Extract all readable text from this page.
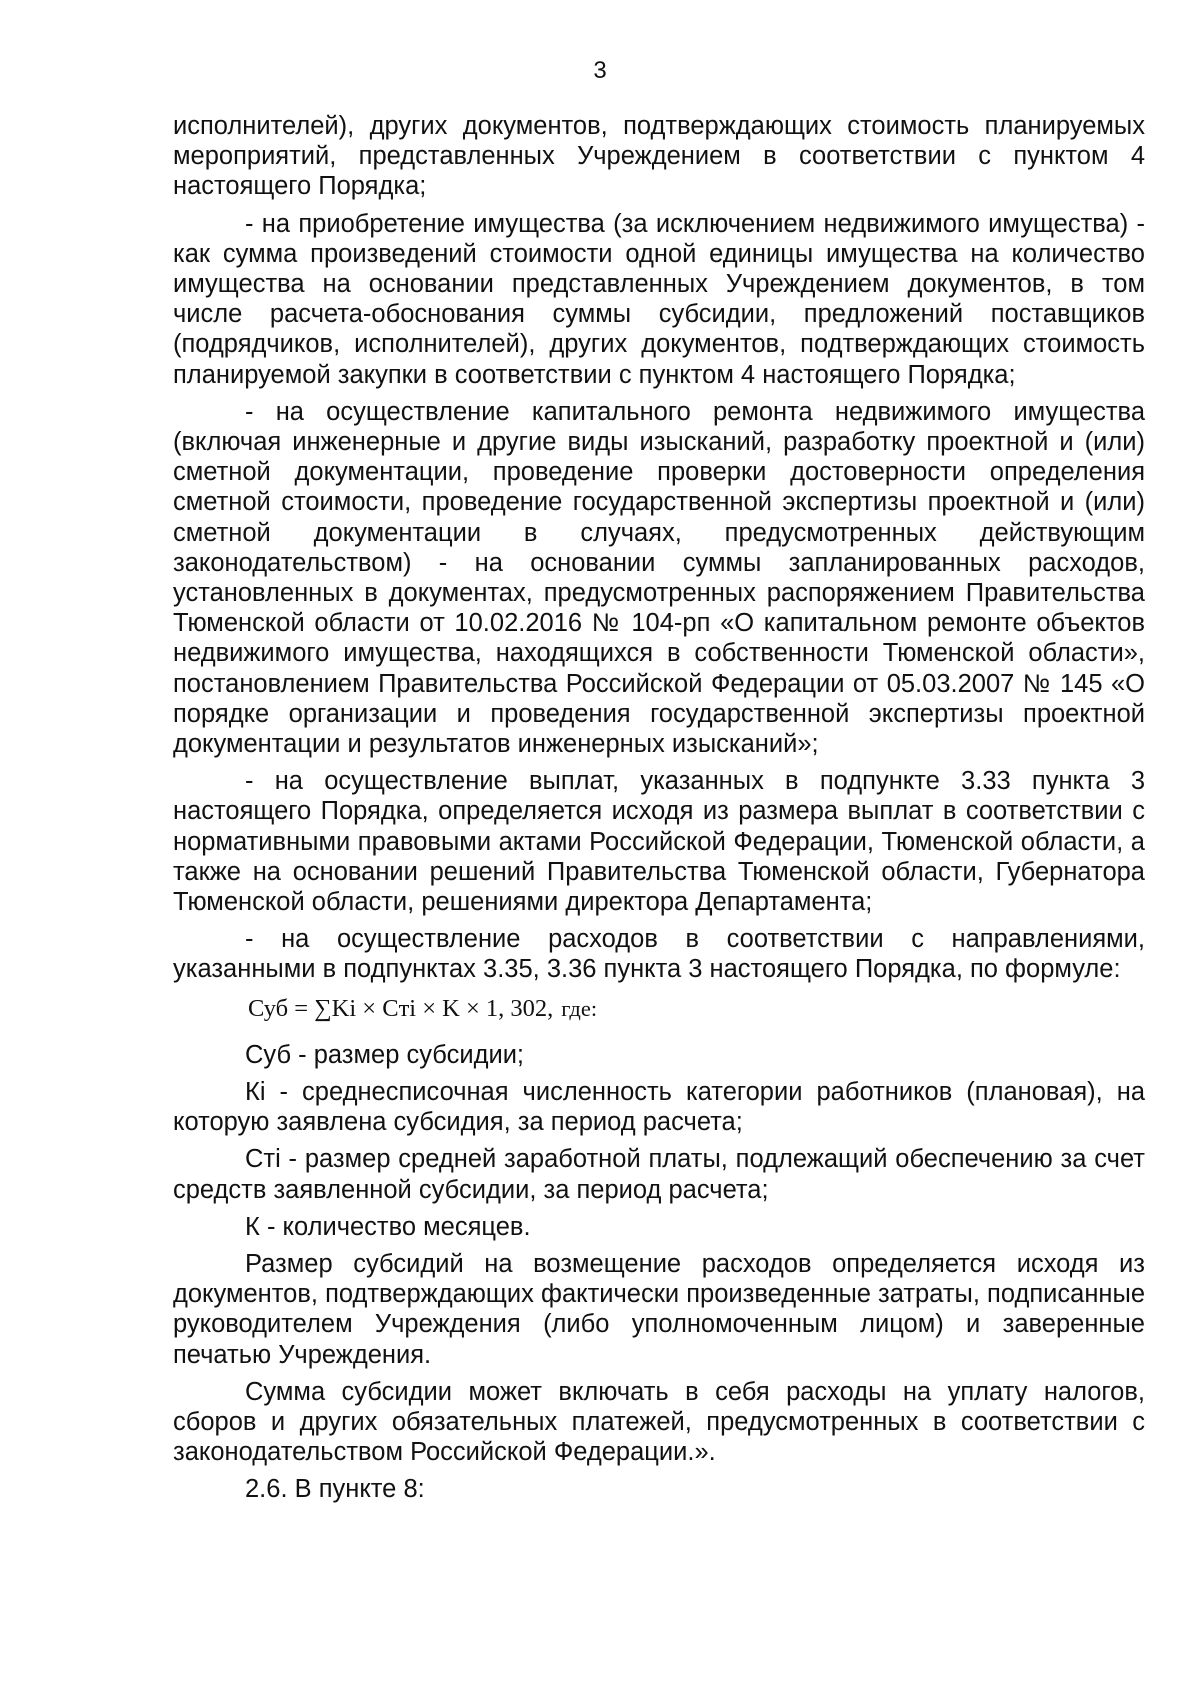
3

исполнителей), других документов, подтверждающих стоимость планируемых мероприятий, представленных Учреждением в соответствии с пунктом 4 настоящего Порядка;

- на приобретение имущества (за исключением недвижимого имущества) - как сумма произведений стоимости одной единицы имущества на количество имущества на основании представленных Учреждением документов, в том числе расчета-обоснования суммы субсидии, предложений поставщиков (подрядчиков, исполнителей), других документов, подтверждающих стоимость планируемой закупки в соответствии с пунктом 4 настоящего Порядка;

- на осуществление капитального ремонта недвижимого имущества (включая инженерные и другие виды изысканий, разработку проектной и (или) сметной документации, проведение проверки достоверности определения сметной стоимости, проведение государственной экспертизы проектной и (или) сметной документации в случаях, предусмотренных действующим законодательством) - на основании суммы запланированных расходов, установленных в документах, предусмотренных распоряжением Правительства Тюменской области от 10.02.2016 № 104-рп «О капитальном ремонте объектов недвижимого имущества, находящихся в собственности Тюменской области», постановлением Правительства Российской Федерации от 05.03.2007 № 145 «О порядке организации и проведения государственной экспертизы проектной документации и результатов инженерных изысканий»;

- на осуществление выплат, указанных в подпункте 3.33 пункта 3 настоящего Порядка, определяется исходя из размера выплат в соответствии с нормативными правовыми актами Российской Федерации, Тюменской области, а также на основании решений Правительства Тюменской области, Губернатора Тюменской области, решениями директора Департамента;

- на осуществление расходов в соответствии с направлениями, указанными в подпунктах 3.35, 3.36 пункта 3 настоящего Порядка, по формуле:

Суб = ∑Ki × Cтi × K × 1, 302, где:

Суб - размер субсидии;

Кi - среднесписочная численность категории работников (плановая), на которую заявлена субсидия, за период расчета;

Стi - размер средней заработной платы, подлежащий обеспечению за счет средств заявленной субсидии, за период расчета;

К - количество месяцев.

Размер субсидий на возмещение расходов определяется исходя из документов, подтверждающих фактически произведенные затраты, подписанные руководителем Учреждения (либо уполномоченным лицом) и заверенные печатью Учреждения.

Сумма субсидии может включать в себя расходы на уплату налогов, сборов и других обязательных платежей, предусмотренных в соответствии с законодательством Российской Федерации.».

2.6. В пункте 8:
